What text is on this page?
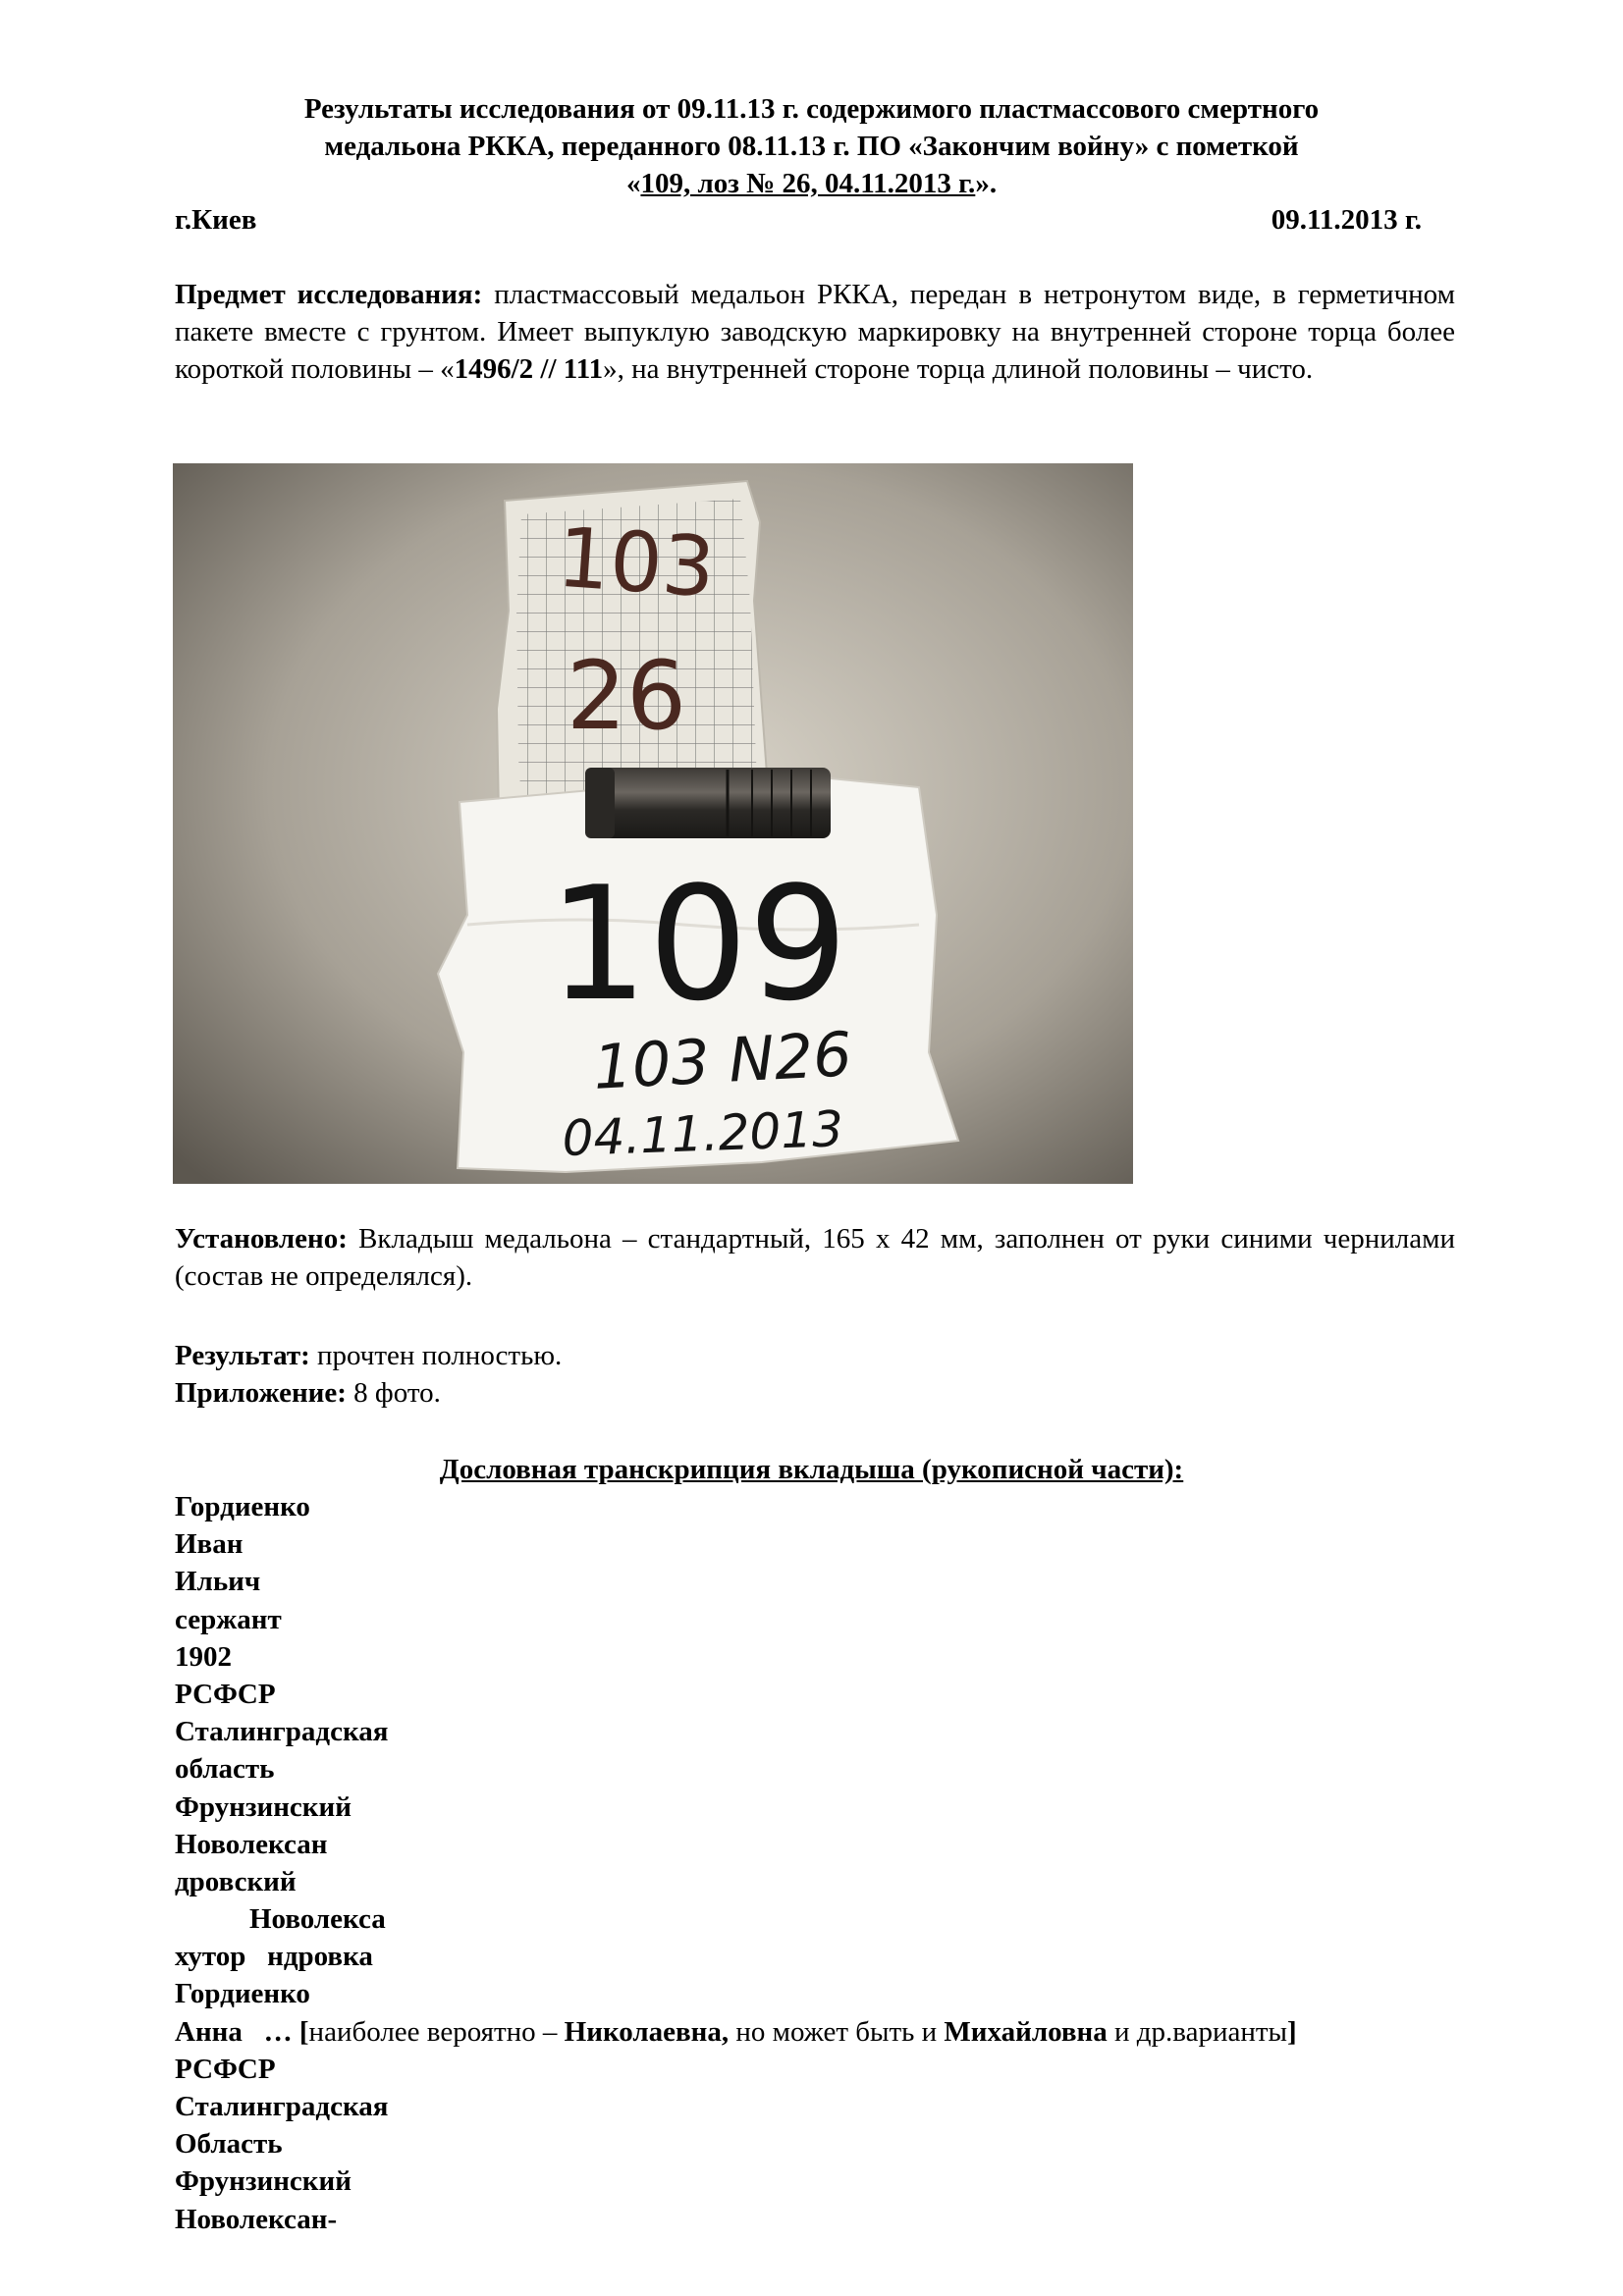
Результаты исследования от 09.11.13 г. содержимого пластмассового смертного
медальона РККА, переданного 08.11.13 г. ПО «Закончим войну» с пометкой
«109, лоз № 26, 04.11.2013 г.».
г.Киев	09.11.2013 г.
Предмет исследования: пластмассовый медальон РККА, передан в нетронутом виде, в герметичном пакете вместе с грунтом. Имеет выпуклую заводскую маркировку на внутренней стороне торца более короткой половины – «1496/2 // 111», на внутренней стороне торца длиной половины – чисто.
103
26
109
103 N26
04.11.2013
Установлено: Вкладыш медальона – стандартный, 165 х 42 мм, заполнен от руки синими чернилами (состав не определялся).
Результат: прочтен полностью.
Приложение: 8 фото.
Дословная транскрипция вкладыша (рукописной части):
Гордиенко
Иван
Ильич
сержант
1902
РСФСР
Сталинградская
область
Фрунзинский
Новолексан
дровский
Новолекса
хутор   ндровка
Гордиенко
Анна   … [наиболее вероятно – Николаевна, но может быть и Михайловна и др.варианты]
РСФСР
Сталинградская
Область
Фрунзинский
Новолексан-
